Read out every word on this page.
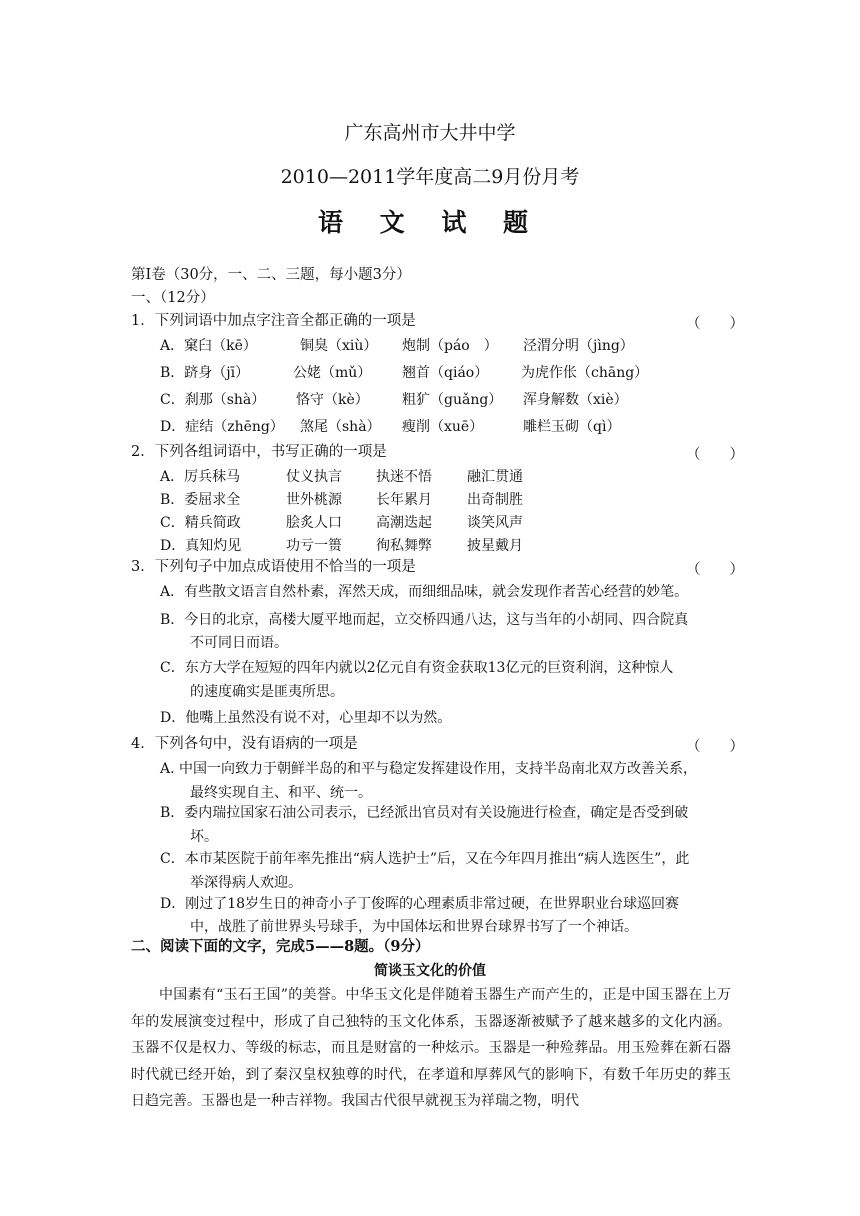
广东高州市大井中学
2010—2011学年度高二9月份月考
语 文 试 题
第Ⅰ卷（30分，一、二、三题，每小题3分）
一、（12分）
1．下列词语中加点字注音全都正确的一项是	（　　）
A．窠臼（kē）	铜臭（xiù） 炮制（páo　） 泾渭分明（jìng）
B．跻身（jī）	公姥（mǔ） 翘首（qiáo） 为虎作伥（chāng）
C．刹那（shà） 恪守（kè） 粗犷（guǎng） 浑身解数（xiè）
D．症结（zhēng） 煞尾（shà） 瘦削（xuē）	雕栏玉砌（qì）
2．下列各组词语中，书写正确的一项是	（　　）
A．厉兵秣马	仗义执言 执迷不悟	融汇贯通
B．委屈求全	世外桃源 长年累月	出奇制胜
C．精兵简政	脍炙人口 高潮迭起	谈笑风声
D．真知灼见	功亏一篑 徇私舞弊	披星戴月
3．下列句子中加点成语使用不恰当的一项是	（　　）
A．有些散文语言自然朴素，浑然天成，而细细品味，就会发现作者苦心经营的妙笔。
B．今日的北京，高楼大厦平地而起，立交桥四通八达，这与当年的小胡同、四合院真
不可同日而语。
C．东方大学在短短的四年内就以2亿元自有资金获取13亿元的巨资利润，这种惊人
的速度确实是匪夷所思。
D．他嘴上虽然没有说不对，心里却不以为然。
4．下列各句中，没有语病的一项是	（　　）
A. 中国一向致力于朝鲜半岛的和平与稳定发挥建设作用，支持半岛南北双方改善关系，
最终实现自主、和平、统一。
B．委内瑞拉国家石油公司表示，已经派出官员对有关设施进行检查，确定是否受到破
坏。
C．本市某医院于前年率先推出“病人选护士”后，又在今年四月推出“病人选医生”，此
举深得病人欢迎。
D．刚过了18岁生日的神奇小子丁俊晖的心理素质非常过硬，在世界职业台球巡回赛
中，战胜了前世界头号球手，为中国体坛和世界台球界书写了一个神话。
二、阅读下面的文字，完成5——8题。（9分）
简谈玉文化的价值
中国素有“玉石王国”的美誉。中华玉文化是伴随着玉器生产而产生的，正是中国玉器在上万年的发展演变过程中，形成了自己独特的玉文化体系，玉器逐渐被赋予了越来越多的文化内涵。玉器不仅是权力、等级的标志，而且是财富的一种炫示。玉器是一种殓葬品。用玉殓葬在新石器时代就已经开始，到了秦汉皇权独尊的时代，在孝道和厚葬风气的影响下，有数千年历史的葬玉日趋完善。玉器也是一种吉祥物。我国古代很早就视玉为祥瑞之物，明代
